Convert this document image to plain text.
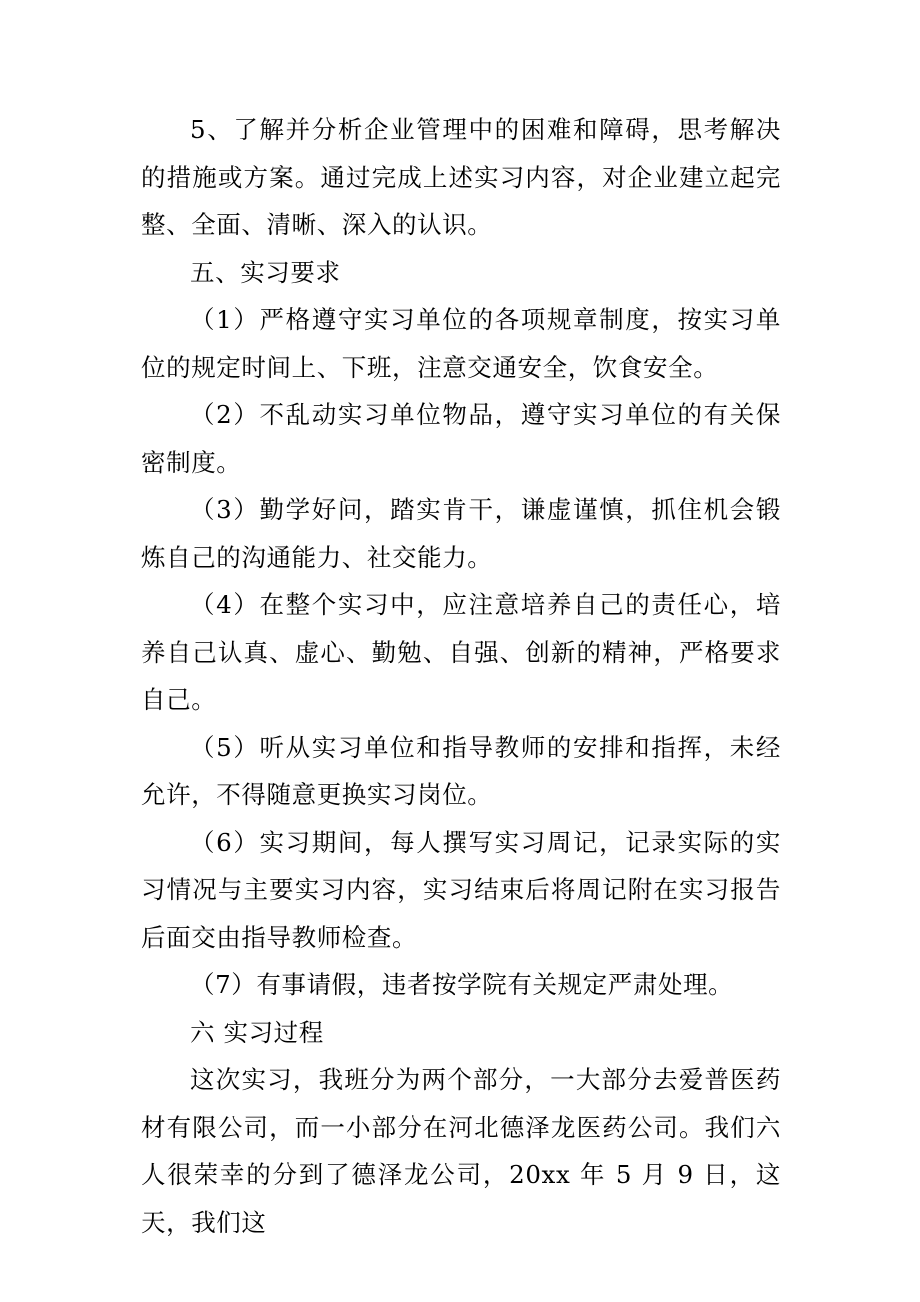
5、了解并分析企业管理中的困难和障碍，思考解决的措施或方案。通过完成上述实习内容，对企业建立起完整、全面、清晰、深入的认识。

五、实习要求

（1）严格遵守实习单位的各项规章制度，按实习单位的规定时间上、下班，注意交通安全，饮食安全。

（2）不乱动实习单位物品，遵守实习单位的有关保密制度。

（3）勤学好问，踏实肯干，谦虚谨慎，抓住机会锻炼自己的沟通能力、社交能力。

（4）在整个实习中，应注意培养自己的责任心，培养自己认真、虚心、勤勉、自强、创新的精神，严格要求自己。

（5）听从实习单位和指导教师的安排和指挥，未经允许，不得随意更换实习岗位。

（6）实习期间，每人撰写实习周记，记录实际的实习情况与主要实习内容，实习结束后将周记附在实习报告后面交由指导教师检查。

（7）有事请假，违者按学院有关规定严肃处理。

六 实习过程

这次实习，我班分为两个部分，一大部分去爱普医药材有限公司，而一小部分在河北德泽龙医药公司。我们六人很荣幸的分到了德泽龙公司，20xx 年 5 月 9 日，这天，我们这
